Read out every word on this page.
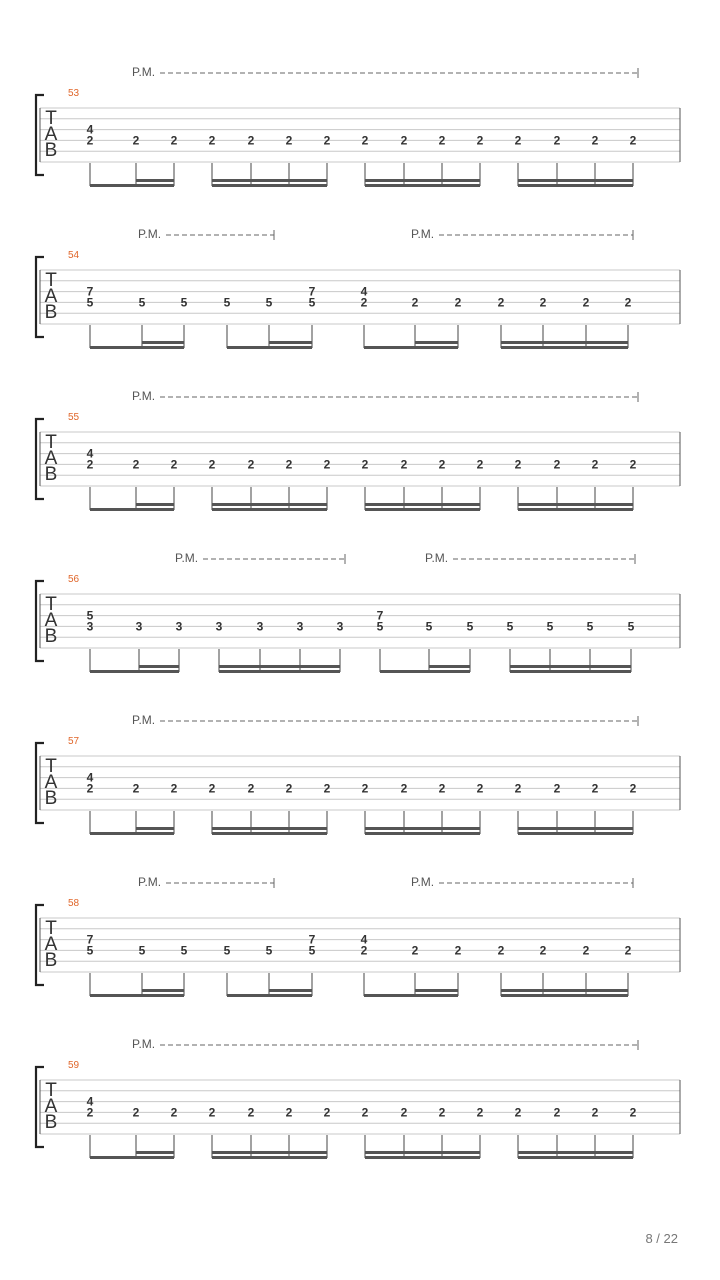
T
A
B
53
P.M.
4
2	2	2	2	2	2	2	2	2	2	2	2	2	2	2
T
A
B
54
P.M.	P.M.
7
5	5	5	5	5
7
5
4
2	2	2	2	2	2	2
T
A
B
55
P.M.
4
2	2	2	2	2	2	2	2	2	2	2	2	2	2	2
T
A
B
56
P.M.	P.M.
5
3	3	3	3	3	3	3
7
5	5	5	5	5	5	5
T
A
B
57
P.M.
4
2	2	2	2	2	2	2	2	2	2	2	2	2	2	2
T
A
B
58
P.M.	P.M.
7
5	5	5	5	5
7
5
4
2	2	2	2	2	2	2
T
A
B
59
P.M.
4
2	2	2	2	2	2	2	2	2	2	2	2	2	2	2
8 / 22
